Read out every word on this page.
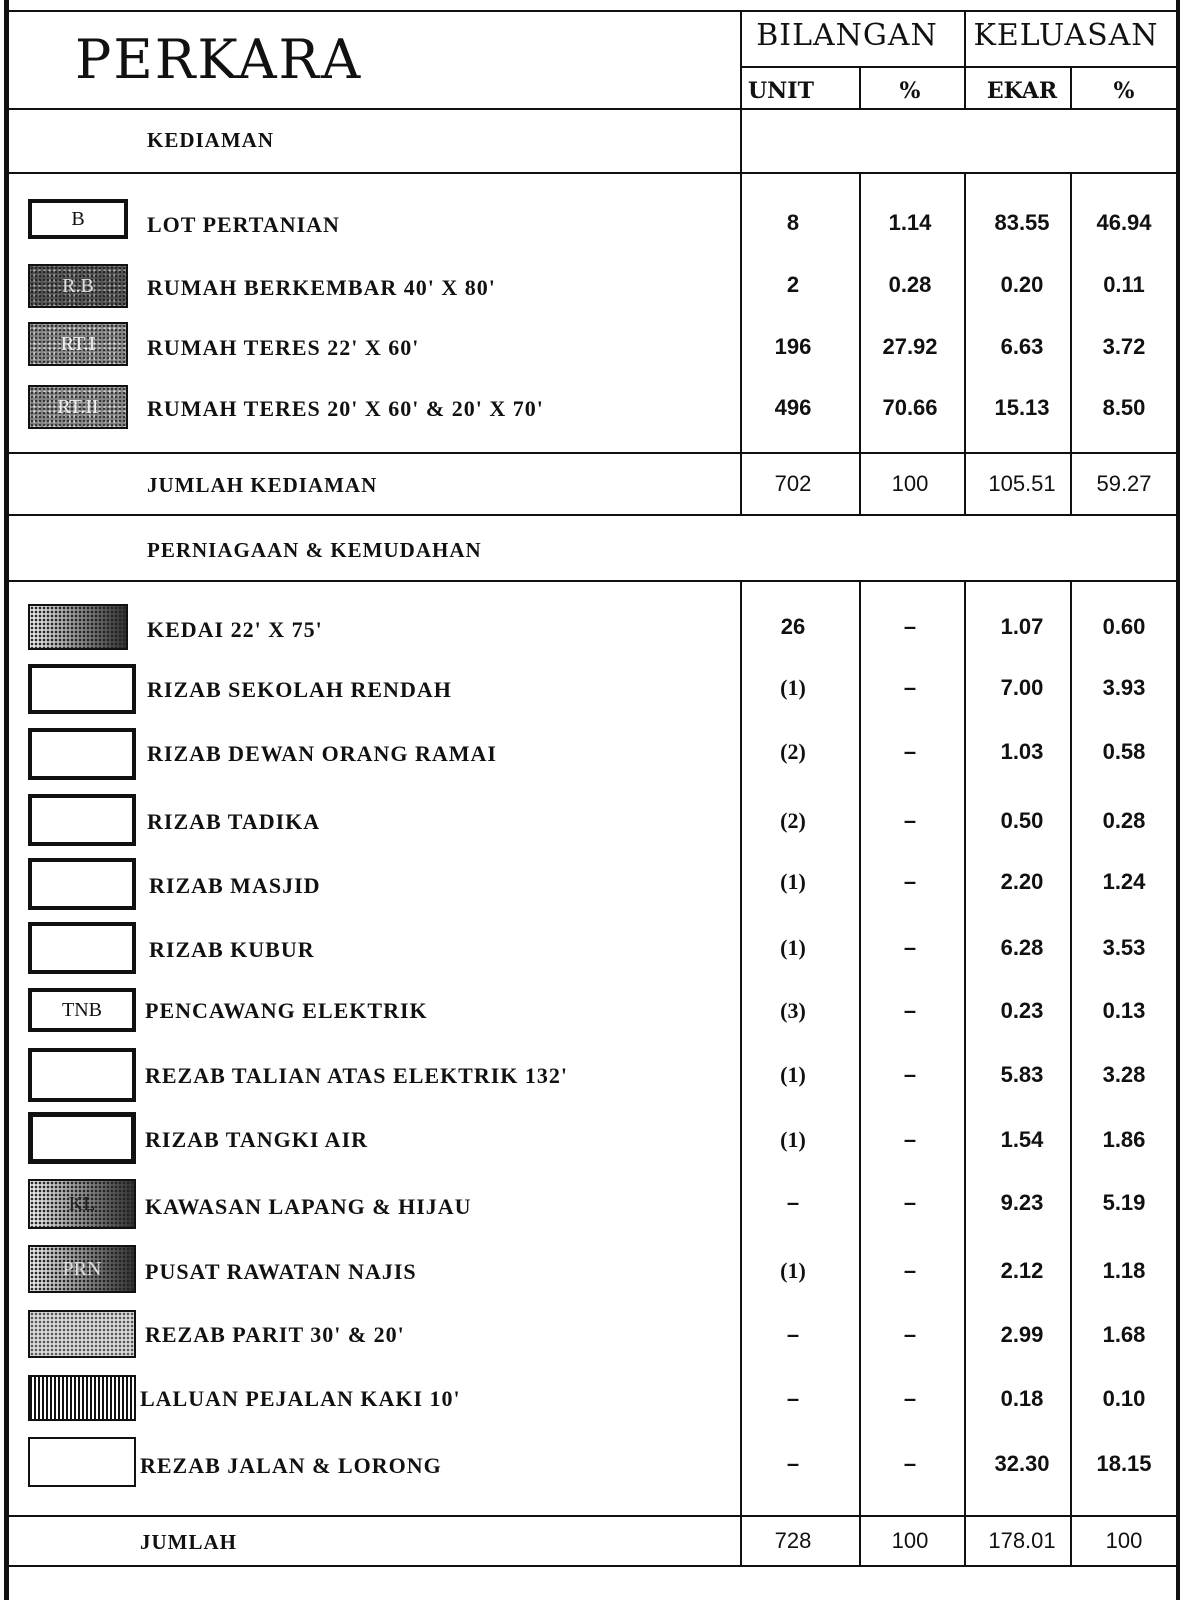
PERKARA	BILANGAN	KELUASAN
UNIT	%	EKAR	%
KEDIAMAN
B	LOT PERTANIAN	8	1.14	83.55	46.94
R.B RUMAH BERKEMBAR 40' X 80'	2	0.28	0.20	0.11
RT.I RUMAH TERES 22' X 60'	196	27.92	6.63	3.72
RT.II RUMAH TERES 20' X 60' & 20' X 70'	496	70.66	15.13	8.50
JUMLAH KEDIAMAN	702	100	105.51	59.27
PERNIAGAAN & KEMUDAHAN
KEDAI 22' X 75'	26	–	1.07	0.60
RIZAB SEKOLAH RENDAH	(1)	–	7.00	3.93
RIZAB DEWAN ORANG RAMAI	(2)	–	1.03	0.58
RIZAB TADIKA	(2)	–	0.50	0.28
RIZAB MASJID	(1)	–	2.20	1.24
RIZAB KUBUR	(1)	–	6.28	3.53
TNB PENCAWANG ELEKTRIK	(3)	–	0.23	0.13
REZAB TALIAN ATAS ELEKTRIK 132'	(1)	–	5.83	3.28
RIZAB TANGKI AIR	(1)	–	1.54	1.86
KL KAWASAN LAPANG & HIJAU	–	–	9.23	5.19
PRN PUSAT RAWATAN NAJIS	(1)	–	2.12	1.18
REZAB PARIT 30' & 20'	–	–	2.99	1.68
LALUAN PEJALAN KAKI 10'	–	–	0.18	0.10
REZAB JALAN & LORONG	–	–	32.30	18.15
JUMLAH	728	100	178.01	100
